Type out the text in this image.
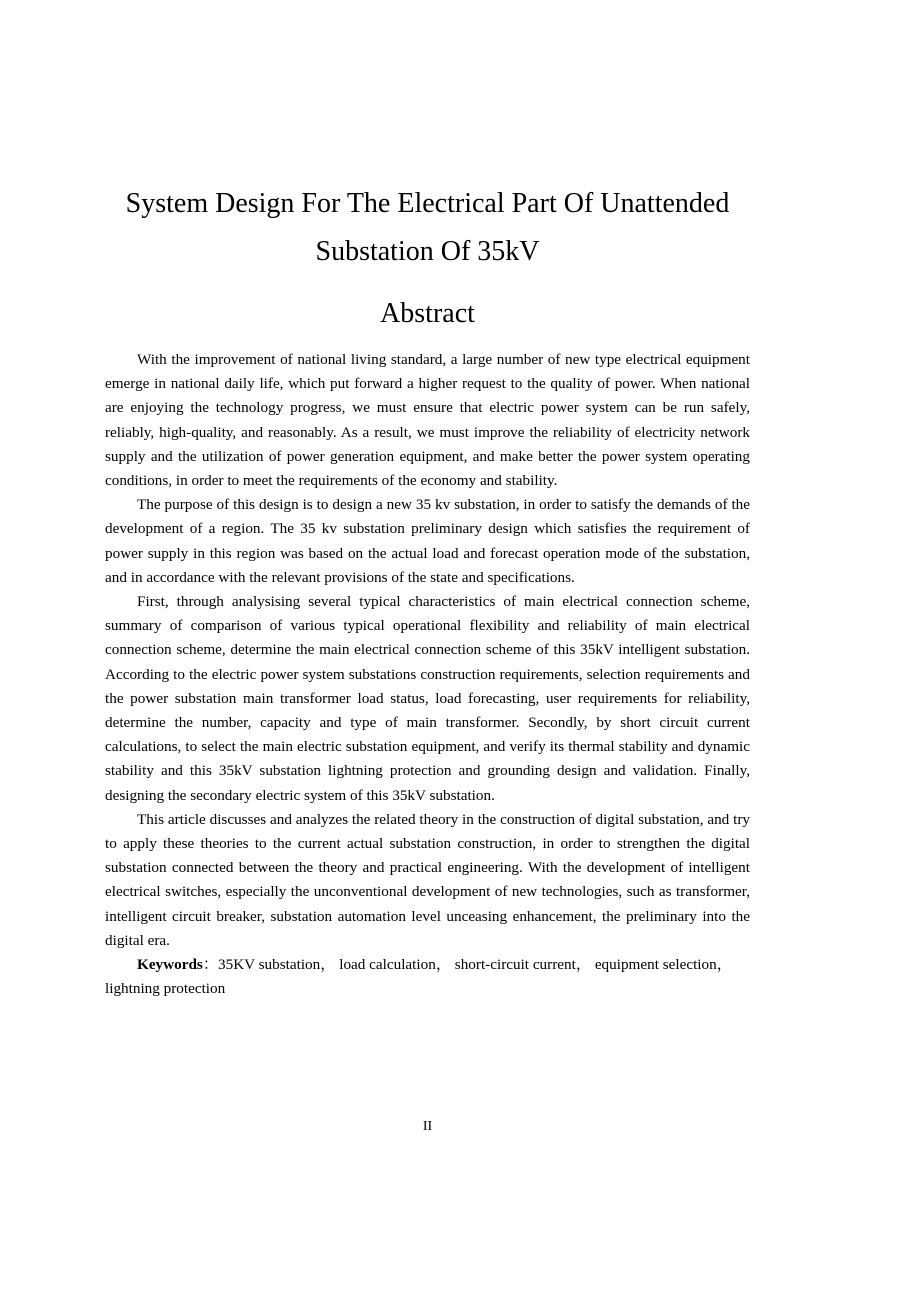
System Design For The Electrical Part Of Unattended Substation Of 35kV
Abstract

With the improvement of national living standard, a large number of new type electrical equipment emerge in national daily life, which put forward a higher request to the quality of power. When national are enjoying the technology progress, we must ensure that electric power system can be run safely, reliably, high-quality, and reasonably. As a result, we must improve the reliability of electricity network supply and the utilization of power generation equipment, and make better the power system operating conditions, in order to meet the requirements of the economy and stability.

The purpose of this design is to design a new 35 kv substation, in order to satisfy the demands of the development of a region. The 35 kv substation preliminary design which satisfies the requirement of power supply in this region was based on the actual load and forecast operation mode of the substation, and in accordance with the relevant provisions of the state and specifications.

First, through analysising several typical characteristics of main electrical connection scheme, summary of comparison of various typical operational flexibility and reliability of main electrical connection scheme, determine the main electrical connection scheme of this 35kV intelligent substation. According to the electric power system substations construction requirements, selection requirements and the power substation main transformer load status, load forecasting, user requirements for reliability, determine the number, capacity and type of main transformer. Secondly, by short circuit current calculations, to select the main electric substation equipment, and verify its thermal stability and dynamic stability and this 35kV substation lightning protection and grounding design and validation. Finally, designing the secondary electric system of this 35kV substation.

This article discusses and analyzes the related theory in the construction of digital substation, and try to apply these theories to the current actual substation construction, in order to strengthen the digital substation connected between the theory and practical engineering. With the development of intelligent electrical switches, especially the unconventional development of new technologies, such as transformer, intelligent circuit breaker, substation automation level unceasing enhancement, the preliminary into the digital era.

Keywords：35KV substation， load calculation， short-circuit current， equipment selection，
lightning protection

II
